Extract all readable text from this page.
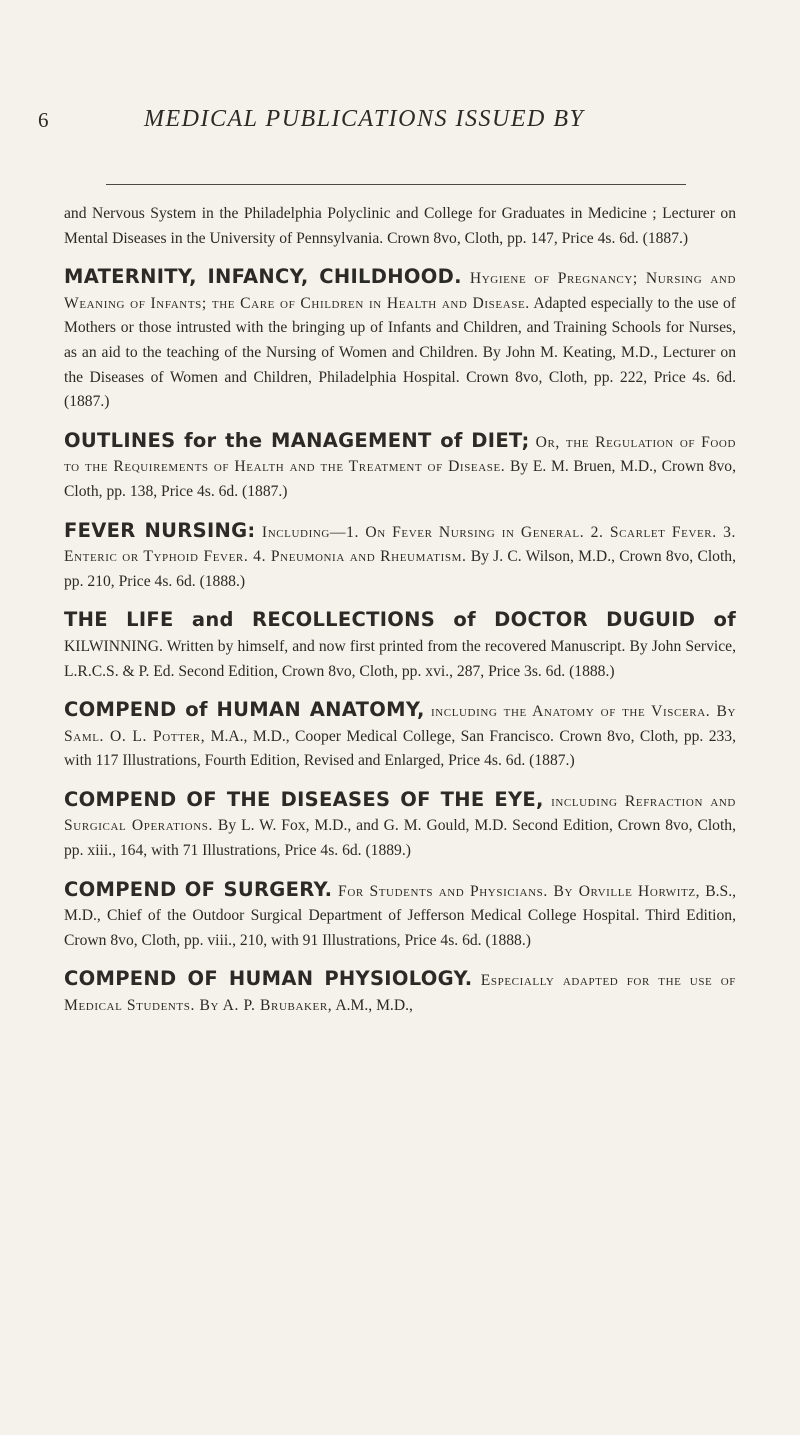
6	MEDICAL PUBLICATIONS ISSUED BY

and Nervous System in the Philadelphia Polyclinic and College for Graduates in Medicine ; Lecturer on Mental Diseases in the University of Pennsylvania. Crown 8vo, Cloth, pp. 147, Price 4s. 6d. (1887.)

MATERNITY, INFANCY, CHILDHOOD. Hygiene of Pregnancy; Nursing and Weaning of Infants; the Care of Children in Health and Disease. Adapted especially to the use of Mothers or those intrusted with the bringing up of Infants and Children, and Training Schools for Nurses, as an aid to the teaching of the Nursing of Women and Children. By John M. Keating, M.D., Lecturer on the Diseases of Women and Children, Philadelphia Hospital. Crown 8vo, Cloth, pp. 222, Price 4s. 6d. (1887.)

OUTLINES for the MANAGEMENT of DIET; Or, the Regulation of Food to the Requirements of Health and the Treatment of Disease. By E. M. Bruen, M.D., Crown 8vo, Cloth, pp. 138, Price 4s. 6d. (1887.)

FEVER NURSING: Including—1. On Fever Nursing in General. 2. Scarlet Fever. 3. Enteric or Typhoid Fever. 4. Pneumonia and Rheumatism. By J. C. Wilson, M.D., Crown 8vo, Cloth, pp. 210, Price 4s. 6d. (1888.)

THE LIFE and RECOLLECTIONS of DOCTOR DUGUID of KILWINNING. Written by himself, and now first printed from the recovered Manuscript. By John Service, L.R.C.S. & P. Ed. Second Edition, Crown 8vo, Cloth, pp. xvi., 287, Price 3s. 6d. (1888.)

COMPEND of HUMAN ANATOMY, including the Anatomy of the Viscera. By Saml. O. L. Potter, M.A., M.D., Cooper Medical College, San Francisco. Crown 8vo, Cloth, pp. 233, with 117 Illustrations, Fourth Edition, Revised and Enlarged, Price 4s. 6d. (1887.)

COMPEND OF THE DISEASES OF THE EYE, including Refraction and Surgical Operations. By L. W. Fox, M.D., and G. M. Gould, M.D. Second Edition, Crown 8vo, Cloth, pp. xiii., 164, with 71 Illustrations, Price 4s. 6d. (1889.)

COMPEND OF SURGERY. For Students and Physicians. By Orville Horwitz, B.S., M.D., Chief of the Outdoor Surgical Department of Jefferson Medical College Hospital. Third Edition, Crown 8vo, Cloth, pp. viii., 210, with 91 Illustrations, Price 4s. 6d. (1888.)

COMPEND OF HUMAN PHYSIOLOGY. Especially adapted for the use of Medical Students. By A. P. Brubaker, A.M., M.D.,
